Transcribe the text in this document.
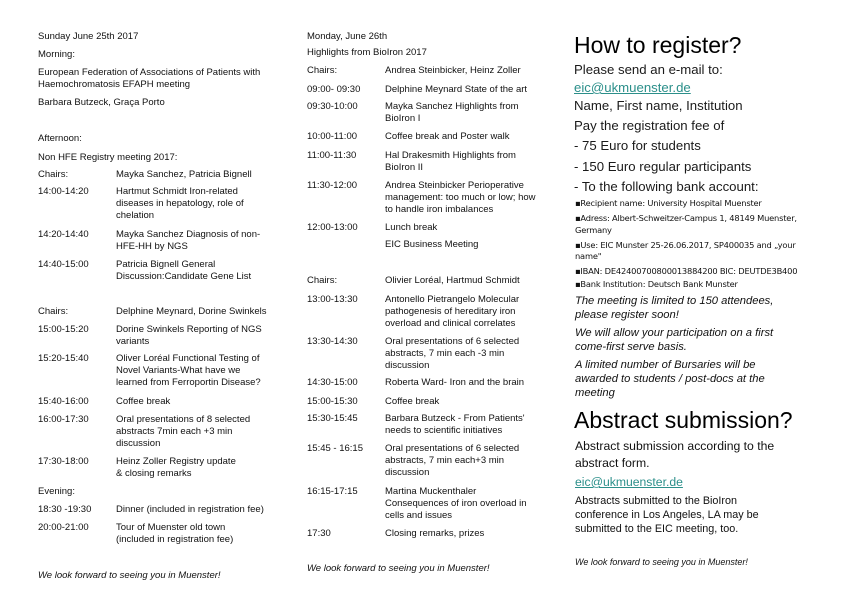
Sunday June 25th 2017
Morning:
European Federation of Associations of Patients with
Haemochromatosis EFAPH meeting
Barbara Butzeck, Graça Porto
Afternoon:
Non HFE Registry meeting 2017:
Chairs:	Mayka Sanchez, Patricia Bignell
14:00-14:20	Hartmut Schmidt Iron-related
diseases in hepatology, role of
chelation
14:20-14:40	Mayka Sanchez Diagnosis of non-
HFE-HH by NGS
14:40-15:00	Patricia Bignell General
Discussion:Candidate Gene List
Chairs:	Delphine Meynard, Dorine Swinkels
15:00-15:20	Dorine Swinkels Reporting of NGS
variants
15:20-15:40	Oliver Loréal Functional Testing of
Novel Variants-What have we
learned from Ferroportin Disease?
15:40-16:00	Coffee break
16:00-17:30	Oral presentations of 8 selected
abstracts 7min each +3 min
discussion
17:30-18:00	Heinz Zoller Registry update
& closing remarks
Evening:
18:30 -19:30	Dinner (included in registration fee)
20:00-21:00	Tour of Muenster old town
(included in registration fee)
We look forward to seeing you in Muenster!
Monday, June 26th
Highlights from BioIron 2017
Chairs:	Andrea Steinbicker, Heinz Zoller
09:00- 09:30	Delphine Meynard State of the art
09:30-10:00	Mayka Sanchez Highlights from
BioIron I
10:00-11:00	Coffee break and Poster walk
11:00-11:30	Hal Drakesmith Highlights from
BioIron II
11:30-12:00	Andrea Steinbicker Perioperative
management: too much or low; how
to handle iron imbalances
12:00-13:00	Lunch break
EIC Business Meeting
Chairs:	Olivier Loréal, Hartmud Schmidt
13:00-13:30	Antonello Pietrangelo Molecular
pathogenesis of hereditary iron
overload and clinical correlates
13:30-14:30	Oral presentations of 6 selected
abstracts, 7 min each -3 min
discussion
14:30-15:00	Roberta Ward- Iron and the brain
15:00-15:30	Coffee break
15:30-15:45	Barbara Butzeck - From Patients'
needs to scientific initiatives
15:45 - 16:15 Oral presentations of 6 selected
abstracts, 7 min each+3 min
discussion
16:15-17:15	Martina Muckenthaler
Consequences of iron overload in
cells and issues
17:30	Closing remarks, prizes
We look forward to seeing you in Muenster!
How to register?
Please send an e-mail to:
eic@ukmuenster.de
Name, First name, Institution
Pay the registration fee of
- 75 Euro for students
- 150 Euro regular participants
- To the following bank account:
▪Recipient name: University Hospital Muenster
▪Adress: Albert-Schweitzer-Campus 1, 48149 Muenster,
Germany
▪Use: EIC Munster 25-26.06.2017, SP400035 and „your
name"
▪IBAN: DE42400700800013884200 BIC: DEUTDE3B400
▪Bank Institution: Deutsch Bank Munster
The meeting is limited to 150 attendees,
please register soon!
We will allow your participation on a first
come-first serve basis.
A limited number of Bursaries will be
awarded to students / post-docs at the
meeting
Abstract submission?
Abstract submission according to the
abstract form.
eic@ukmuenster.de
Abstracts submitted to the BioIron
conference in Los Angeles, LA may be
submitted to the EIC meeting, too.
We look forward to seeing you in Muenster!
